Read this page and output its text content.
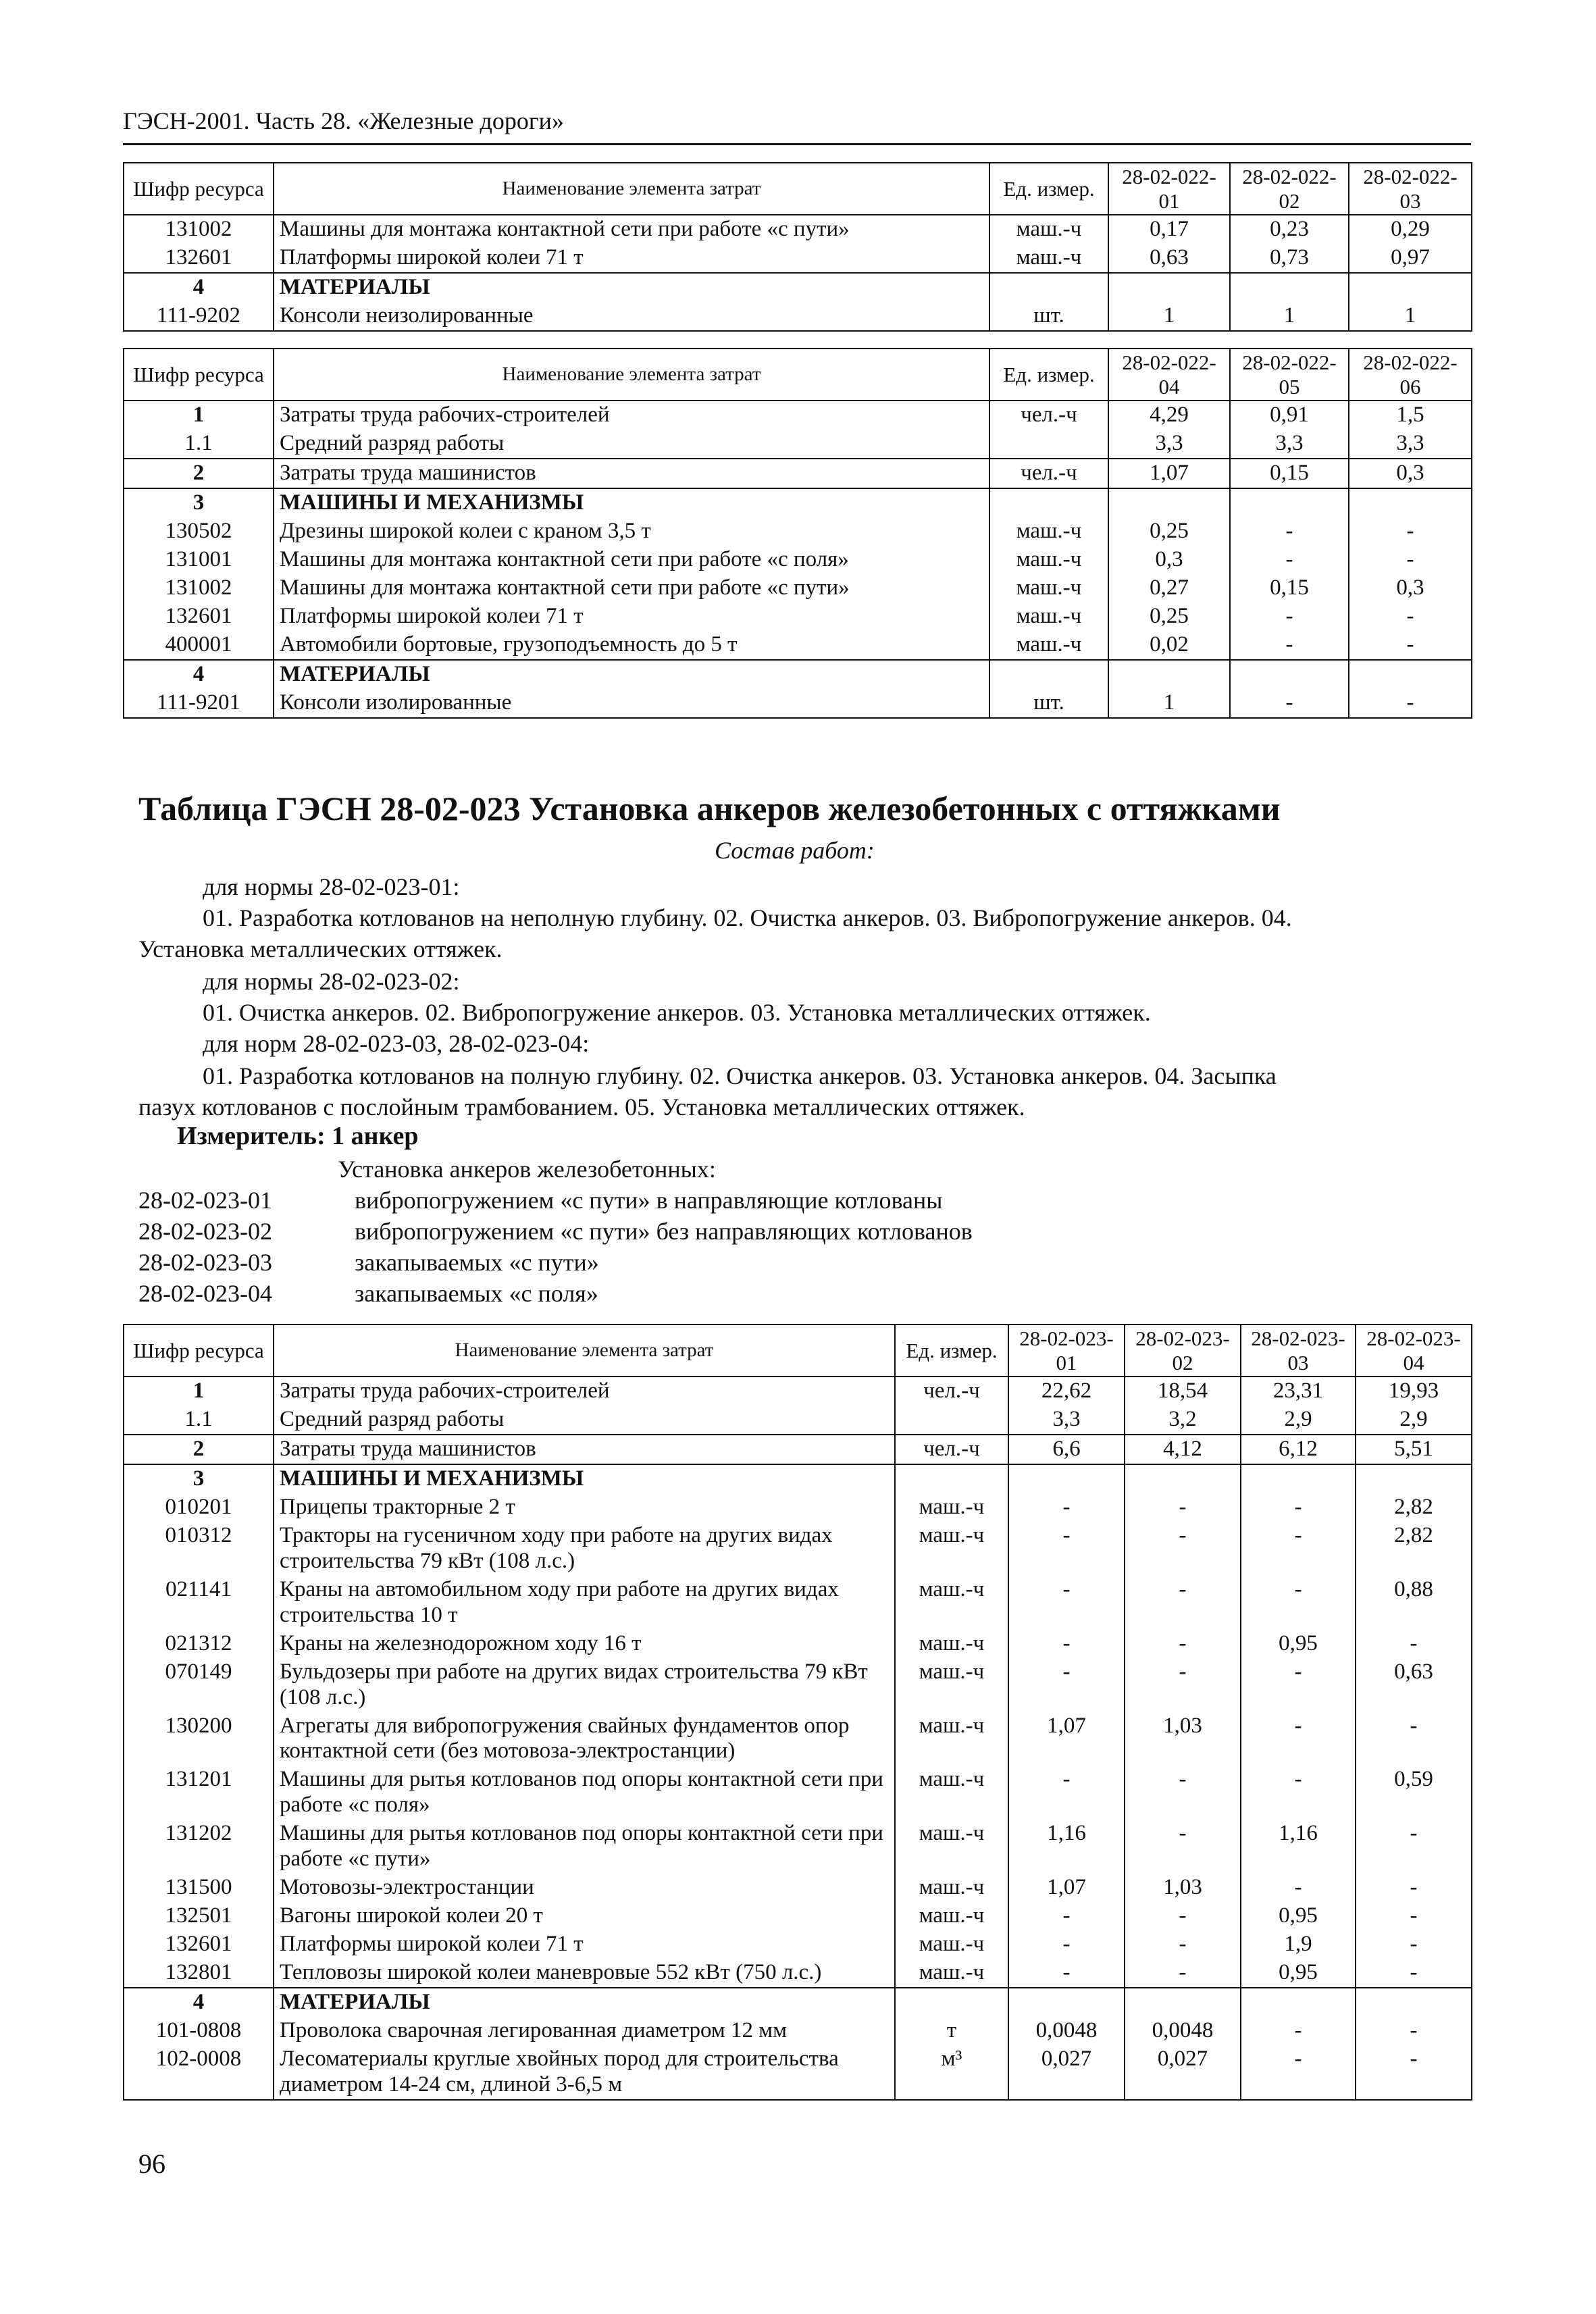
ГЭСН-2001. Часть 28. «Железные дороги»
Шифр ресурса	Наименование элемента затрат	Ед. измер.	28-02-022-01	28-02-022-02	28-02-022-03
131002	Машины для монтажа контактной сети при работе «с пути»	маш.-ч	0,17	0,23	0,29
132601	Платформы широкой колеи 71 т	маш.-ч	0,63	0,73	0,97
4	МАТЕРИАЛЫ				
111-9202	Консоли неизолированные	шт.	1	1	1
Шифр ресурса	Наименование элемента затрат	Ед. измер.	28-02-022-04	28-02-022-05	28-02-022-06
1	Затраты труда рабочих-строителей	чел.-ч	4,29	0,91	1,5
1.1	Средний разряд работы		3,3	3,3	3,3
2	Затраты труда машинистов	чел.-ч	1,07	0,15	0,3
3	МАШИНЫ И МЕХАНИЗМЫ				
130502	Дрезины широкой колеи с краном 3,5 т	маш.-ч	0,25	-	-
131001	Машины для монтажа контактной сети при работе «с поля»	маш.-ч	0,3	-	-
131002	Машины для монтажа контактной сети при работе «с пути»	маш.-ч	0,27	0,15	0,3
132601	Платформы широкой колеи 71 т	маш.-ч	0,25	-	-
400001	Автомобили бортовые, грузоподъемность до 5 т	маш.-ч	0,02	-	-
4	МАТЕРИАЛЫ				
111-9201	Консоли изолированные	шт.	1	-	-
Таблица ГЭСН 28-02-023 Установка анкеров железобетонных с оттяжками
Состав работ:
для нормы 28-02-023-01:
01. Разработка котлованов на неполную глубину. 02. Очистка анкеров. 03. Вибропогружение анкеров. 04.
Установка металлических оттяжек.
для нормы 28-02-023-02:
01. Очистка анкеров. 02. Вибропогружение анкеров. 03. Установка металлических оттяжек.
для норм 28-02-023-03, 28-02-023-04:
01. Разработка котлованов на полную глубину. 02. Очистка анкеров. 03. Установка анкеров. 04. Засыпка
пазух котлованов с послойным трамбованием. 05. Установка металлических оттяжек.
Измеритель: 1 анкер
Установка анкеров железобетонных:
28-02-023-01	вибропогружением «с пути» в направляющие котлованы
28-02-023-02	вибропогружением «с пути» без направляющих котлованов
28-02-023-03	закапываемых «с пути»
28-02-023-04	закапываемых «с поля»
Шифр ресурса	Наименование элемента затрат	Ед. измер.	28-02-023-01	28-02-023-02	28-02-023-03	28-02-023-04
1	Затраты труда рабочих-строителей	чел.-ч	22,62	18,54	23,31	19,93
1.1	Средний разряд работы		3,3	3,2	2,9	2,9
2	Затраты труда машинистов	чел.-ч	6,6	4,12	6,12	5,51
3	МАШИНЫ И МЕХАНИЗМЫ					
010201	Прицепы тракторные 2 т	маш.-ч	-	-	-	2,82
010312	Тракторы на гусеничном ходу при работе на других видах строительства 79 кВт (108 л.с.)	маш.-ч	-	-	-	2,82
021141	Краны на автомобильном ходу при работе на других видах строительства 10 т	маш.-ч	-	-	-	0,88
021312	Краны на железнодорожном ходу 16 т	маш.-ч	-	-	0,95	-
070149	Бульдозеры при работе на других видах строительства 79 кВт (108 л.с.)	маш.-ч	-	-	-	0,63
130200	Агрегаты для вибропогружения свайных фундаментов опор контактной сети (без мотовоза-электростанции)	маш.-ч	1,07	1,03	-	-
131201	Машины для рытья котлованов под опоры контактной сети при работе «с поля»	маш.-ч	-	-	-	0,59
131202	Машины для рытья котлованов под опоры контактной сети при работе «с пути»	маш.-ч	1,16	-	1,16	-
131500	Мотовозы-электростанции	маш.-ч	1,07	1,03	-	-
132501	Вагоны широкой колеи 20 т	маш.-ч	-	-	0,95	-
132601	Платформы широкой колеи 71 т	маш.-ч	-	-	1,9	-
132801	Тепловозы широкой колеи маневровые 552 кВт (750 л.с.)	маш.-ч	-	-	0,95	-
4	МАТЕРИАЛЫ					
101-0808	Проволока сварочная легированная диаметром 12 мм	т	0,0048	0,0048	-	-
102-0008	Лесоматериалы круглые хвойных пород для строительства диаметром 14-24 см, длиной 3-6,5 м	м³	0,027	0,027	-	-
96
